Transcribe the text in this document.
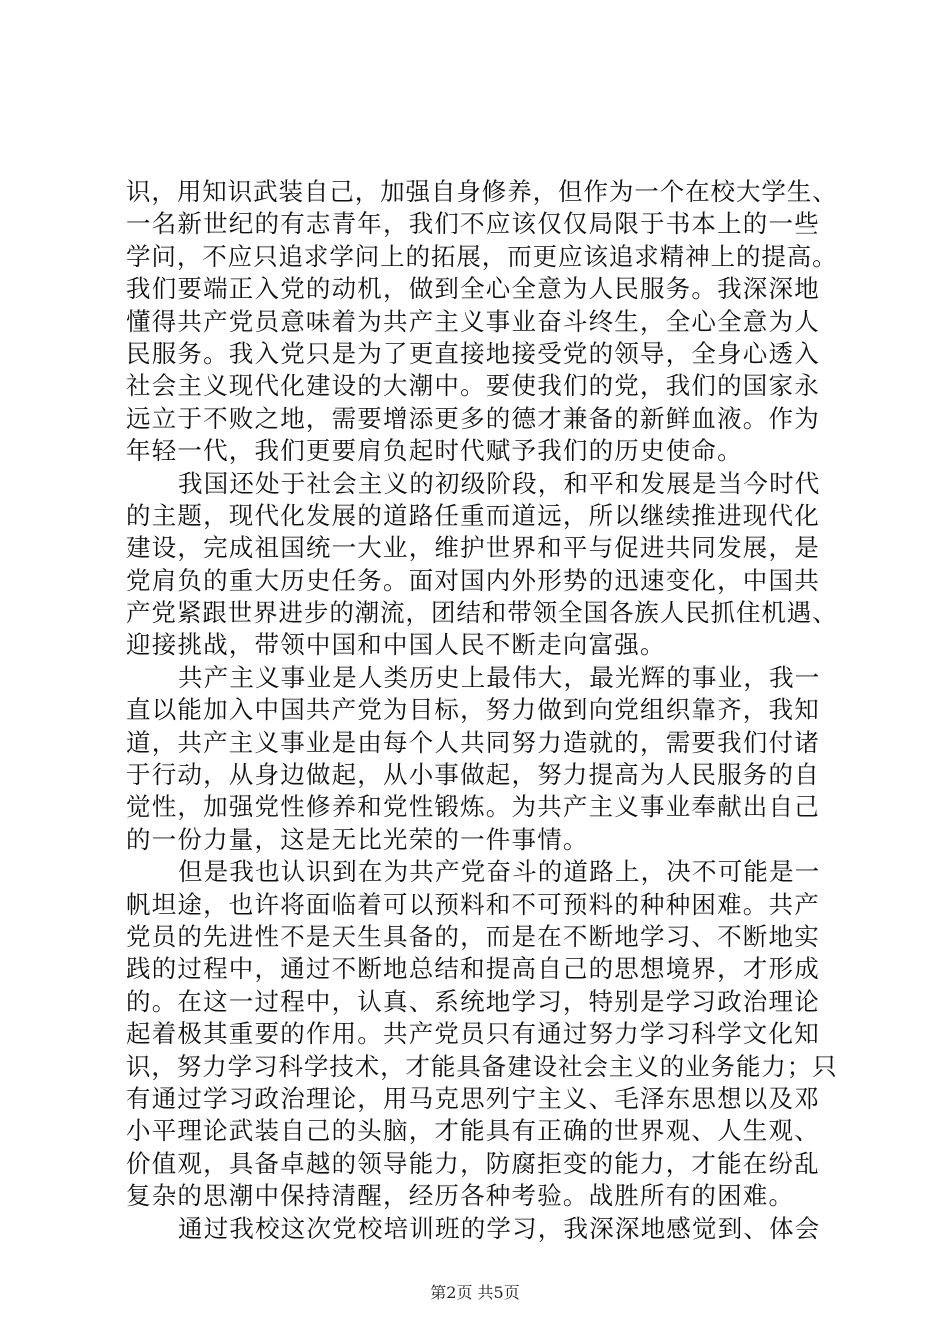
识，用知识武装自己，加强自身修养，但作为一个在校大学生、
一名新世纪的有志青年，我们不应该仅仅局限于书本上的一些
学问，不应只追求学问上的拓展，而更应该追求精神上的提高。
我们要端正入党的动机，做到全心全意为人民服务。我深深地
懂得共产党员意味着为共产主义事业奋斗终生，全心全意为人
民服务。我入党只是为了更直接地接受党的领导，全身心透入
社会主义现代化建设的大潮中。要使我们的党，我们的国家永
远立于不败之地，需要增添更多的德才兼备的新鲜血液。作为
年轻一代，我们更要肩负起时代赋予我们的历史使命。
我国还处于社会主义的初级阶段，和平和发展是当今时代
的主题，现代化发展的道路任重而道远，所以继续推进现代化
建设，完成祖国统一大业，维护世界和平与促进共同发展，是
党肩负的重大历史任务。面对国内外形势的迅速变化，中国共
产党紧跟世界进步的潮流，团结和带领全国各族人民抓住机遇、
迎接挑战，带领中国和中国人民不断走向富强。
共产主义事业是人类历史上最伟大，最光辉的事业，我一
直以能加入中国共产党为目标，努力做到向党组织靠齐，我知
道，共产主义事业是由每个人共同努力造就的，需要我们付诸
于行动，从身边做起，从小事做起，努力提高为人民服务的自
觉性，加强党性修养和党性锻炼。为共产主义事业奉献出自己
的一份力量，这是无比光荣的一件事情。
但是我也认识到在为共产党奋斗的道路上，决不可能是一
帆坦途，也许将面临着可以预料和不可预料的种种困难。共产
党员的先进性不是天生具备的，而是在不断地学习、不断地实
践的过程中，通过不断地总结和提高自己的思想境界，才形成
的。在这一过程中，认真、系统地学习，特别是学习政治理论
起着极其重要的作用。共产党员只有通过努力学习科学文化知
识，努力学习科学技术，才能具备建设社会主义的业务能力；只
有通过学习政治理论，用马克思列宁主义、毛泽东思想以及邓
小平理论武装自己的头脑，才能具有正确的世界观、人生观、
价值观，具备卓越的领导能力，防腐拒变的能力，才能在纷乱
复杂的思潮中保持清醒，经历各种考验。战胜所有的困难。
通过我校这次党校培训班的学习，我深深地感觉到、体会
第2页 共5页
